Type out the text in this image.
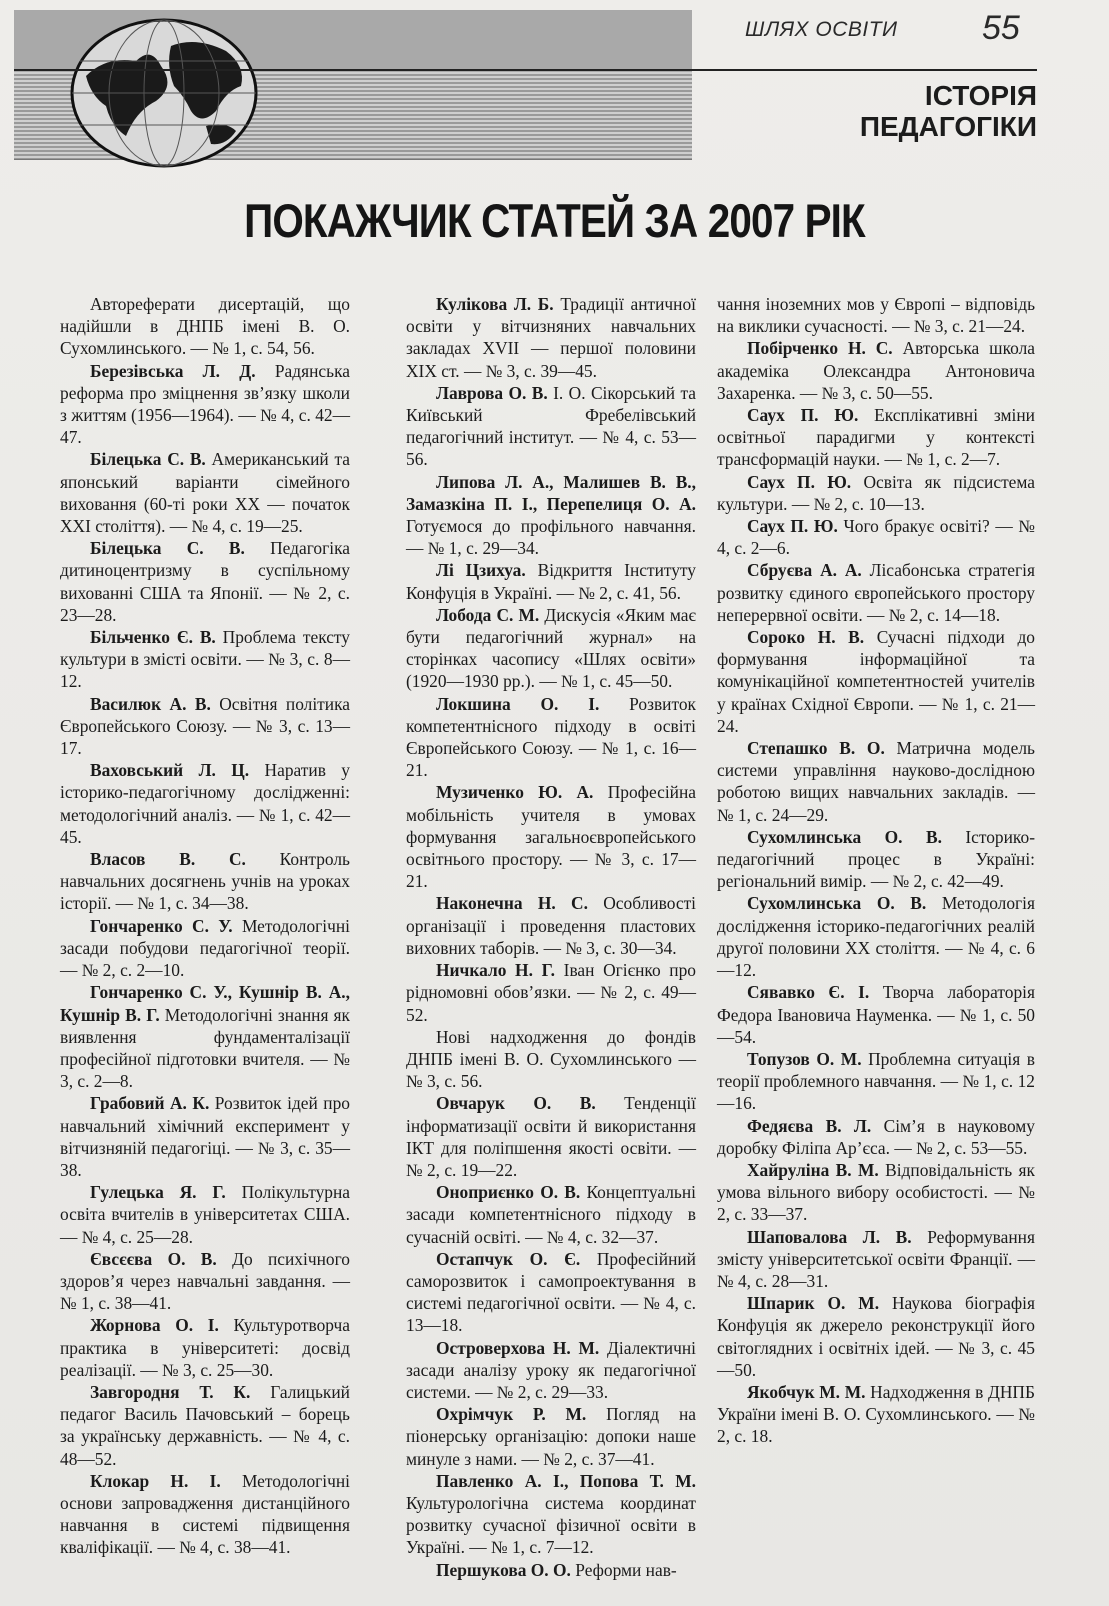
ШЛЯХ ОСВІТИ 55
ІСТОРІЯ
ПЕДАГОГІКИ
ПОКАЖЧИК СТАТЕЙ ЗА 2007 РІК

Автореферати дисертацій, що надійшли в ДНПБ імені В. О. Сухомлинського. — № 1, с. 54, 56.

Березівська Л. Д. Радянська реформа про зміцнення зв’язку школи з життям (1956—1964). — № 4, с. 42—47.

Білецька С. В. Американський та японський варіанти сімейного виховання (60-ті роки XX — початок XXI століття). — № 4, с. 19—25.

Білецька С. В. Педагогіка дитиноцентризму в суспільному вихованні США та Японії. — № 2, с. 23—28.

Більченко Є. В. Проблема тексту культури в змісті освіти. — № 3, с. 8—12.

Василюк А. В. Освітня політика Європейського Союзу. — № 3, с. 13—17.

Ваховський Л. Ц. Наратив у історико-педагогічному дослідженні: методологічний аналіз. — № 1, с. 42—45.

Власов В. С. Контроль навчальних досягнень учнів на уроках історії. — № 1, с. 34—38.

Гончаренко С. У. Методологічні засади побудови педагогічної теорії. — № 2, с. 2—10.

Гончаренко С. У., Кушнір В. А., Кушнір В. Г. Методологічні знання як виявлення фундаменталізації професійної підготовки вчителя. — № 3, с. 2—8.

Грабовий А. К. Розвиток ідей про навчальний хімічний експеримент у вітчизняній педагогіці. — № 3, с. 35—38.

Гулецька Я. Г. Полікультурна освіта вчителів в університетах США. — № 4, с. 25—28.

Євсєєва О. В. До психічного здоров’я через навчальні завдання. — № 1, с. 38—41.

Жорнова О. І. Культуротворча практика в університеті: досвід реалізації. — № 3, с. 25—30.

Завгородня Т. К. Галицький педагог Василь Пачовський – борець за українську державність. — № 4, с. 48—52.

Клокар Н. І. Методологічні основи запровадження дистанційного навчання в системі підвищення кваліфікації. — № 4, с. 38—41.

Кулікова Л. Б. Традиції античної освіти у вітчизняних навчальних закладах XVII — першої половини XIX ст. — № 3, с. 39—45.

Лаврова О. В. І. О. Сікорський та Київський Фребелівський педагогічний інститут. — № 4, с. 53—56.

Липова Л. А., Малишев В. В., Замазкіна П. І., Перепелиця О. А. Готуємося до профільного навчання. — № 1, с. 29—34.

Лі Цзихуа. Відкриття Інституту Конфуція в Україні. — № 2, с. 41, 56.

Лобода С. М. Дискусія «Яким має бути педагогічний журнал» на сторінках часопису «Шлях освіти» (1920—1930 рр.). — № 1, с. 45—50.

Локшина О. І. Розвиток компетентнісного підходу в освіті Європейського Союзу. — № 1, с. 16—21.

Музиченко Ю. А. Професійна мобільність учителя в умовах формування загальноєвропейського освітнього простору. — № 3, с. 17—21.

Наконечна Н. С. Особливості організації і проведення пластових виховних таборів. — № 3, с. 30—34.

Ничкало Н. Г. Іван Огієнко про рідномовні обов’язки. — № 2, с. 49—52.

Нові надходження до фондів ДНПБ імені В. О. Сухомлинського — № 3, с. 56.

Овчарук О. В. Тенденції інформатизації освіти й використання ІКТ для поліпшення якості освіти. — № 2, с. 19—22.

Оноприєнко О. В. Концептуальні засади компетентнісного підходу в сучасній освіті. — № 4, с. 32—37.

Остапчук О. Є. Професійний саморозвиток і самопроектування в системі педагогічної освіти. — № 4, с. 13—18.

Островерхова Н. М. Діалектичні засади аналізу уроку як педагогічної системи. — № 2, с. 29—33.

Охрімчук Р. М. Погляд на піонерську організацію: допоки наше минуле з нами. — № 2, с. 37—41.

Павленко А. І., Попова Т. М. Культурологічна система координат розвитку сучасної фізичної освіти в Україні. — № 1, с. 7—12.

Першукова О. О. Реформи нав-

чання іноземних мов у Європі – відповідь на виклики сучасності. — № 3, с. 21—24.

Побірченко Н. С. Авторська школа академіка Олександра Антоновича Захаренка. — № 3, с. 50—55.

Саух П. Ю. Експлікативні зміни освітньої парадигми у контексті трансформацій науки. — № 1, с. 2—7.

Саух П. Ю. Освіта як підсистема культури. — № 2, с. 10—13.

Саух П. Ю. Чого бракує освіті? — № 4, с. 2—6.

Сбруєва А. А. Лісабонська стратегія розвитку єдиного європейського простору неперервної освіти. — № 2, с. 14—18.

Сороко Н. В. Сучасні підходи до формування інформаційної та комунікаційної компетентностей учителів у країнах Східної Європи. — № 1, с. 21—24.

Степашко В. О. Матрична модель системи управління науково-дослідною роботою вищих навчальних закладів. — № 1, с. 24—29.

Сухомлинська О. В. Історико-педагогічний процес в Україні: регіональний вимір. — № 2, с. 42—49.

Сухомлинська О. В. Методологія дослідження історико-педагогічних реалій другої половини XX століття. — № 4, с. 6—12.

Сявавко Є. І. Творча лабораторія Федора Івановича Науменка. — № 1, с. 50—54.

Топузов О. М. Проблемна ситуація в теорії проблемного навчання. — № 1, с. 12—16.

Федяєва В. Л. Сім’я в науковому доробку Філіпа Ар’єса. — № 2, с. 53—55.

Хайруліна В. М. Відповідальність як умова вільного вибору особистості. — № 2, с. 33—37.

Шаповалова Л. В. Реформування змісту університетської освіти Франції. — № 4, с. 28—31.

Шпарик О. М. Наукова біографія Конфуція як джерело реконструкції його світоглядних і освітніх ідей. — № 3, с. 45—50.

Якобчук М. М. Надходження в ДНПБ України імені В. О. Сухомлинського. — № 2, с. 18.
